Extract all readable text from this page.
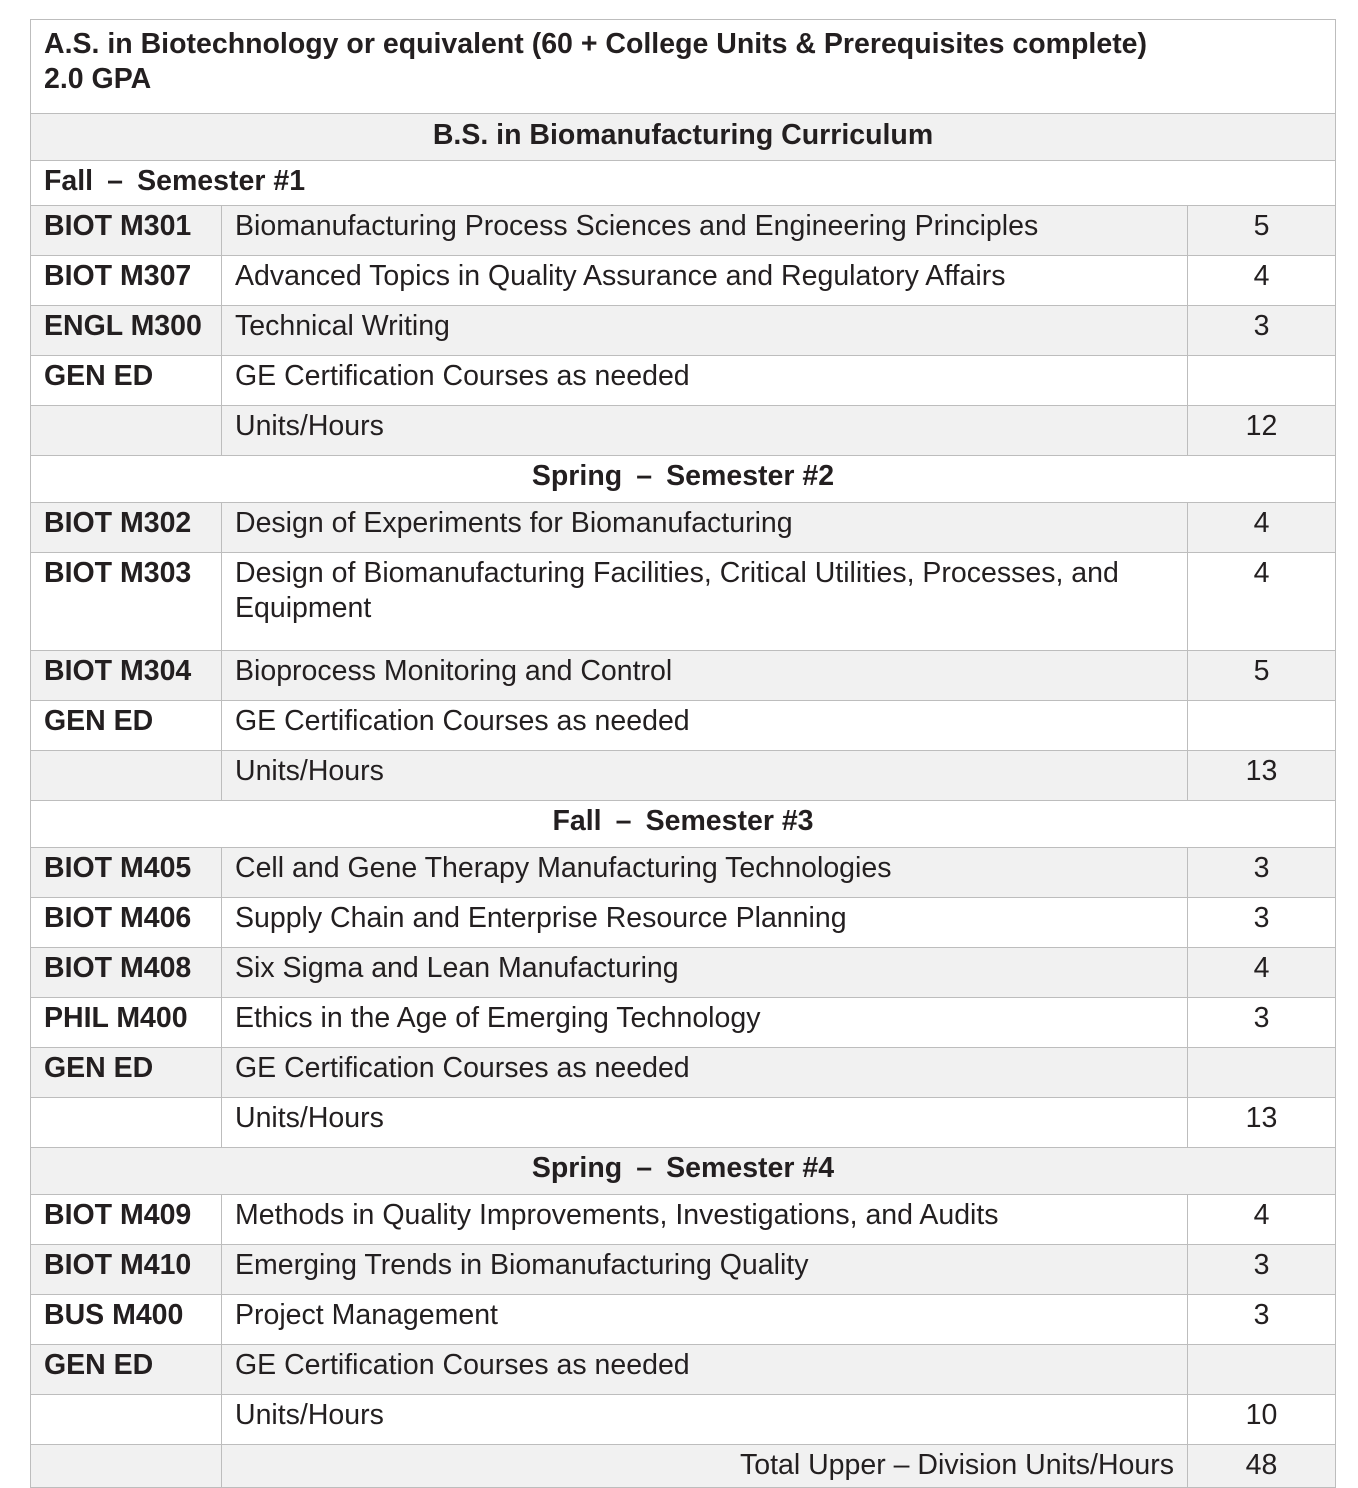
A.S. in Biotechnology or equivalent (60 + College Units & Prerequisites complete)
2.0 GPA		

B.S. in Biomanufacturing Curriculum		
Fall – Semester #1		
BIOT M301	Biomanufacturing Process Sciences and Engineering Principles	5
BIOT M307	Advanced Topics in Quality Assurance and Regulatory Affairs	4
ENGL M300	Technical Writing	3
GEN ED	GE Certification Courses as needed	
	Units/Hours	12
Spring – Semester #2		
BIOT M302	Design of Experiments for Biomanufacturing	4
BIOT M303	Design of Biomanufacturing Facilities, Critical Utilities, Processes, and Equipment	4
BIOT M304	Bioprocess Monitoring and Control	5
GEN ED	GE Certification Courses as needed	
	Units/Hours	13
Fall – Semester #3		
BIOT M405	Cell and Gene Therapy Manufacturing Technologies	3
BIOT M406	Supply Chain and Enterprise Resource Planning	3
BIOT M408	Six Sigma and Lean Manufacturing	4
PHIL M400	Ethics in the Age of Emerging Technology	3
GEN ED	GE Certification Courses as needed	
	Units/Hours	13
Spring – Semester #4		
BIOT M409	Methods in Quality Improvements, Investigations, and Audits	4
BIOT M410	Emerging Trends in Biomanufacturing Quality	3
BUS M400	Project Management	3
GEN ED	GE Certification Courses as needed	
	Units/Hours	10
	Total Upper – Division Units/Hours	48
